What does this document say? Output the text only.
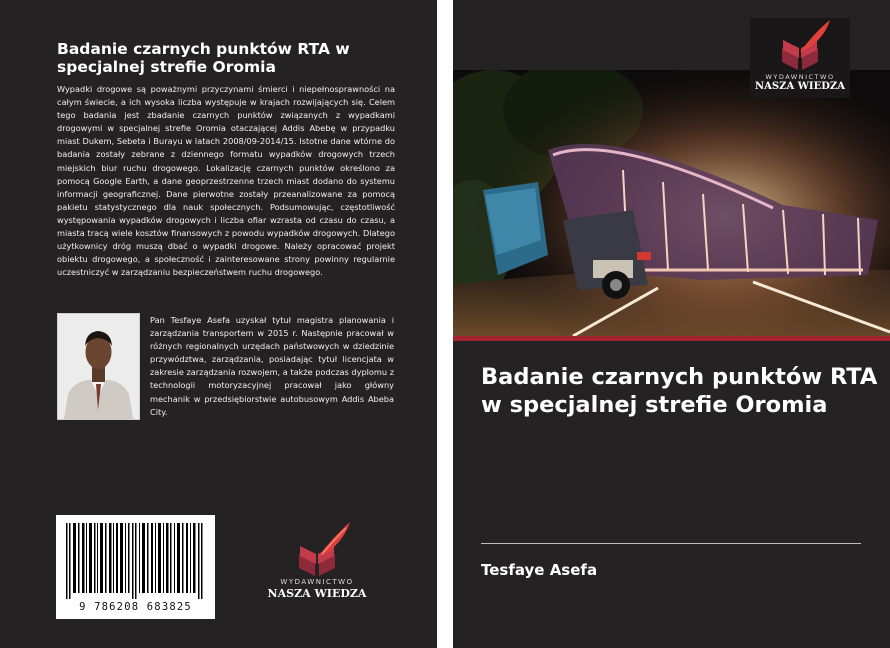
Badanie czarnych punktów RTA w specjalnej strefie Oromia
Wypadki drogowe są poważnymi przyczynami śmierci i niepełnosprawności na całym świecie, a ich wysoka liczba występuje w krajach rozwijających się. Celem tego badania jest zbadanie czarnych punktów związanych z wypadkami drogowymi w specjalnej strefie Oromia otaczającej Addis Abebę w przypadku miast Dukem, Sebeta i Burayu w latach 2008/09-2014/15. Istotne dane wtórne do badania zostały zebrane z dziennego formatu wypadków drogowych trzech miejskich biur ruchu drogowego. Lokalizację czarnych punktów określono za pomocą Google Earth, a dane geoprzestrzenne trzech miast dodano do systemu informacji geograficznej. Dane pierwotne zostały przeanalizowane za pomocą pakietu statystycznego dla nauk społecznych. Podsumowując, częstotliwość występowania wypadków drogowych i liczba ofiar wzrasta od czasu do czasu, a miasta tracą wiele kosztów finansowych z powodu wypadków drogowych. Dlatego użytkownicy dróg muszą dbać o wypadki drogowe. Należy opracować projekt obiektu drogowego, a społeczność i zainteresowane strony powinny regularnie uczestniczyć w zarządzaniu bezpieczeństwem ruchu drogowego.
Pan Tesfaye Asefa uzyskał tytuł magistra planowania i zarządzania transportem w 2015 r. Następnie pracował w różnych regionalnych urzędach państwowych w dziedzinie przywództwa, zarządzania, posiadając tytuł licencjata w zakresie zarządzania rozwojem, a także podczas dyplomu z technologii motoryzacyjnej pracował jako główny mechanik w przedsiębiorstwie autobusowym Addis Abeba City.
9 786208 683825
WYDAWNICTWO
NASZA WIEDZA
WYDAWNICTWO
NASZA WIEDZA
Badanie czarnych punktów RTA w specjalnej strefie Oromia
Tesfaye Asefa
